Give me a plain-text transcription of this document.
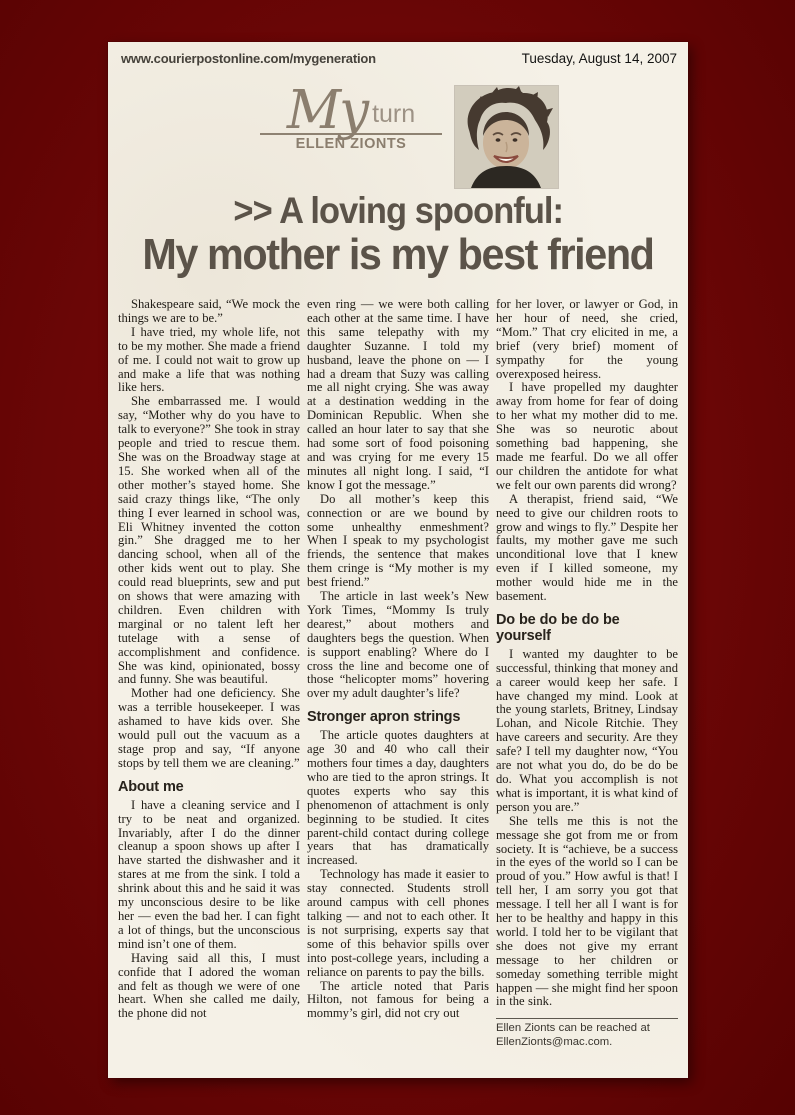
www.courierpostonline.com/mygeneration	Tuesday, August 14, 2007
My turn
ELLEN ZIONTS
>> A loving spoonful:
My mother is my best friend

Shakespeare said, “We mock the things we are to be.”

I have tried, my whole life, not to be my mother. She made a friend of me. I could not wait to grow up and make a life that was nothing like hers.

She embarrassed me. I would say, “Mother why do you have to talk to everyone?” She took in stray people and tried to rescue them. She was on the Broadway stage at 15. She worked when all of the other mother’s stayed home. She said crazy things like, “The only thing I ever learned in school was, Eli Whitney invented the cotton gin.” She dragged me to her dancing school, when all of the other kids went out to play. She could read blueprints, sew and put on shows that were amazing with children. Even children with marginal or no talent left her tutelage with a sense of accomplishment and confidence. She was kind, opinionated, bossy and funny. She was beautiful.

Mother had one deficiency. She was a terrible housekeeper. I was ashamed to have kids over. She would pull out the vacuum as a stage prop and say, “If anyone stops by tell them we are cleaning.”

About me

I have a cleaning service and I try to be neat and organized. Invariably, after I do the dinner cleanup a spoon shows up after I have started the dishwasher and it stares at me from the sink. I told a shrink about this and he said it was my unconscious desire to be like her — even the bad her. I can fight a lot of things, but the unconscious mind isn’t one of them.

Having said all this, I must confide that I adored the woman and felt as though we were of one heart. When she called me daily, the phone did not

even ring — we were both calling each other at the same time. I have this same telepathy with my daughter Suzanne. I told my husband, leave the phone on — I had a dream that Suzy was calling me all night crying. She was away at a destination wedding in the Dominican Republic. When she called an hour later to say that she had some sort of food poisoning and was crying for me every 15 minutes all night long. I said, “I know I got the message.”

Do all mother’s keep this connection or are we bound by some unhealthy enmeshment? When I speak to my psychologist friends, the sentence that makes them cringe is “My mother is my best friend.”

The article in last week’s New York Times, “Mommy Is truly dearest,” about mothers and daughters begs the question. When is support enabling? Where do I cross the line and become one of those “helicopter moms” hovering over my adult daughter’s life?

Stronger apron strings

The article quotes daughters at age 30 and 40 who call their mothers four times a day, daughters who are tied to the apron strings. It quotes experts who say this phenomenon of attachment is only beginning to be studied. It cites parent-child contact during college years that has dramatically increased.

Technology has made it easier to stay connected. Students stroll around campus with cell phones talking — and not to each other. It is not surprising, experts say that some of this behavior spills over into post-college years, including a reliance on parents to pay the bills.

The article noted that Paris Hilton, not famous for being a mommy’s girl, did not cry out

for her lover, or lawyer or God, in her hour of need, she cried, “Mom.” That cry elicited in me, a brief (very brief) moment of sympathy for the young overexposed heiress.

I have propelled my daughter away from home for fear of doing to her what my mother did to me. She was so neurotic about something bad happening, she made me fearful. Do we all offer our children the antidote for what we felt our own parents did wrong?

A therapist, friend said, “We need to give our children roots to grow and wings to fly.” Despite her faults, my mother gave me such unconditional love that I knew even if I killed someone, my mother would hide me in the basement.

Do be do be do be yourself

I wanted my daughter to be successful, thinking that money and a career would keep her safe. I have changed my mind. Look at the young starlets, Britney, Lindsay Lohan, and Nicole Ritchie. They have careers and security. Are they safe? I tell my daughter now, “You are not what you do, do be do be do. What you accomplish is not what is important, it is what kind of person you are.”

She tells me this is not the message she got from me or from society. It is “achieve, be a success in the eyes of the world so I can be proud of you.” How awful is that! I tell her, I am sorry you got that message. I tell her all I want is for her to be healthy and happy in this world. I told her to be vigilant that she does not give my errant message to her children or someday something terrible might happen — she might find her spoon in the sink.

Ellen Zionts can be reached at EllenZionts@mac.com.
